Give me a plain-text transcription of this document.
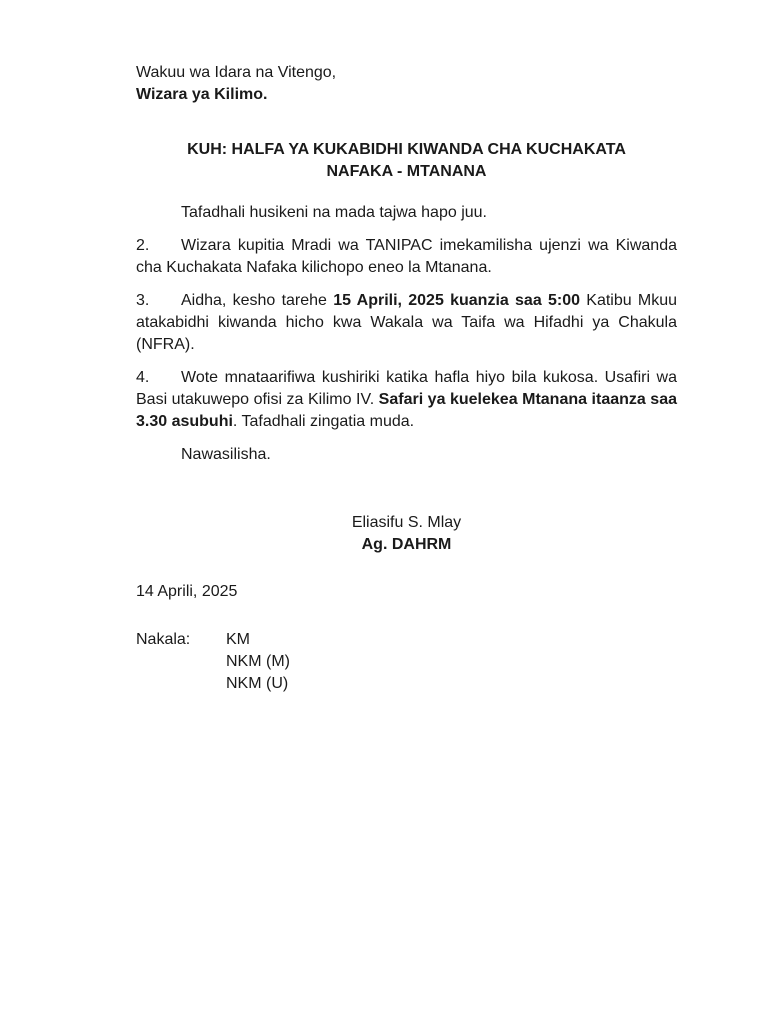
Wakuu wa Idara na Vitengo,
Wizara ya Kilimo.
KUH: HALFA YA KUKABIDHI KIWANDA CHA KUCHAKATA
NAFAKA - MTANANA

Tafadhali husikeni na mada tajwa hapo juu.

2. Wizara kupitia Mradi wa TANIPAC imekamilisha ujenzi wa Kiwanda cha Kuchakata Nafaka kilichopo eneo la Mtanana.

3. Aidha, kesho tarehe 15 Aprili, 2025 kuanzia saa 5:00 Katibu Mkuu atakabidhi kiwanda hicho kwa Wakala wa Taifa wa Hifadhi ya Chakula (NFRA).

4. Wote mnataarifiwa kushiriki katika hafla hiyo bila kukosa. Usafiri wa Basi utakuwepo ofisi za Kilimo IV. Safari ya kuelekea Mtanana itaanza saa 3.30 asubuhi. Tafadhali zingatia muda.

Nawasilisha.

Eliasifu S. Mlay
Ag. DAHRM
14 Aprili, 2025
Nakala: KM
NKM (M)
NKM (U)
